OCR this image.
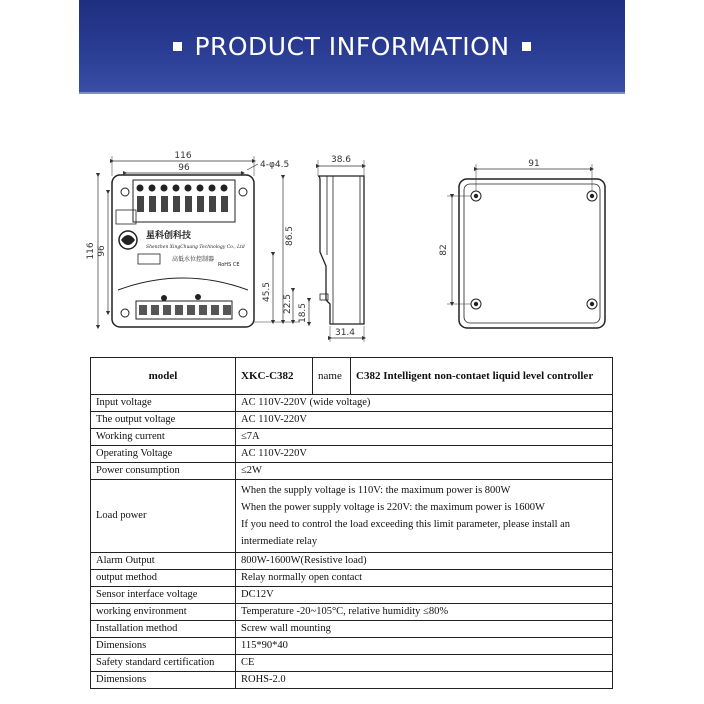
PRODUCT INFORMATION
星科创科技
Shenzhen XingChuang Technology Co., Ltd
高低水位控制器
RoHS CE
116
96	4-φ4.5
116 96
86.5
45.5
22.5
38.6
18.5
31.4
91
82
model	XKC-C382	name	C382 Intelligent non-contaet liquid level controller
Input voltage	AC 110V-220V (wide voltage)		
The output voltage	AC 110V-220V		
Working current	≤7A		
Operating Voltage	AC 110V-220V		
Power consumption	≤2W		
Load power	When the supply voltage is 110V: the maximum power is 800W
When the power supply voltage is 220V: the maximum power is 1600W
If you need to control the load exceeding this limit parameter, please install an
intermediate relay		

Alarm Output	800W-1600W(Resistive load)		
output method	Relay normally open contact		
Sensor interface voltage	DC12V		
working environment	Temperature -20~105°C, relative humidity ≤80%		
Installation method	Screw wall mounting		
Dimensions	115*90*40		
Safety standard certification	CE		
Dimensions	ROHS-2.0		
